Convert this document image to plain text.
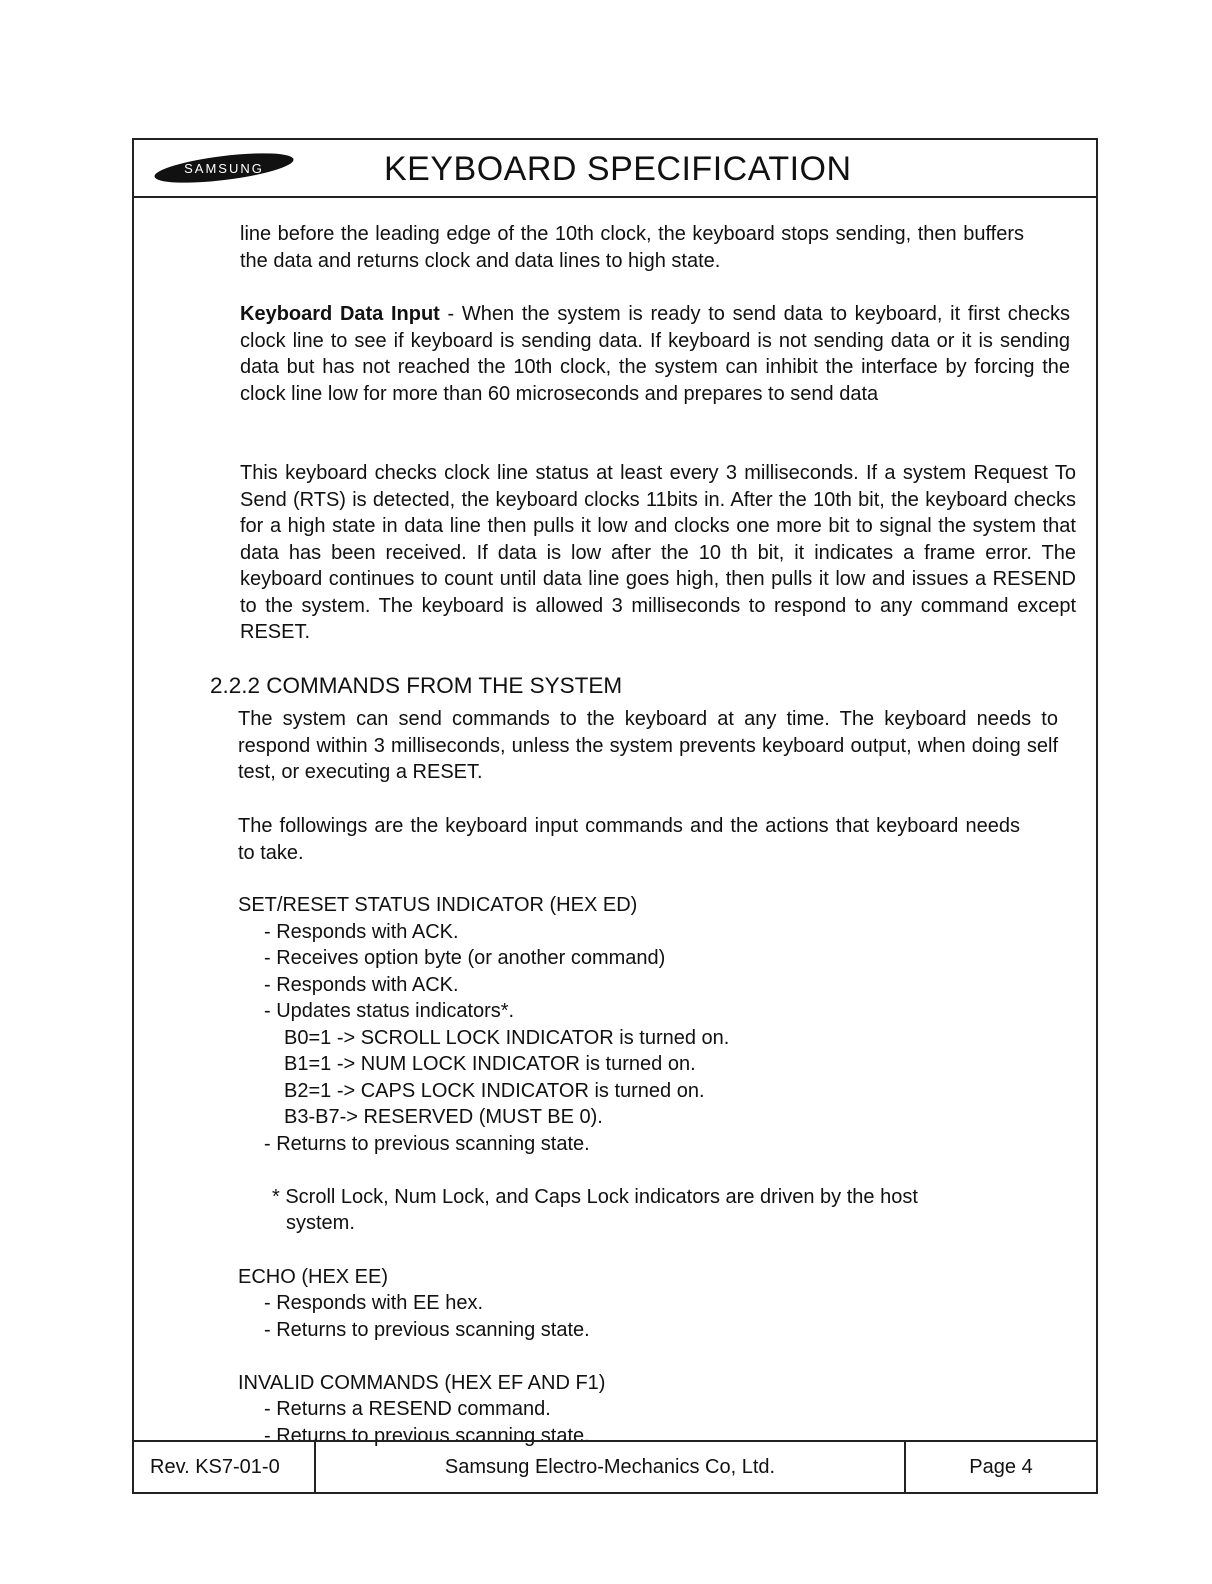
SAMSUNG	KEYBOARD SPECIFICATION

line before the leading edge of the 10th clock, the keyboard stops sending, then buffers the data and returns clock and data lines to high state.

Keyboard Data Input - When the system is ready to send data to keyboard, it first checks clock line to see if keyboard is sending data. If keyboard is not sending data or it is sending data but has not reached the 10th clock, the system can inhibit the interface by forcing the clock line low for more than 60 microseconds and prepares to send data

This keyboard checks clock line status at least every 3 milliseconds. If a system Request To Send (RTS) is detected, the keyboard clocks 11bits in. After the 10th bit, the keyboard checks for a high state in data line then pulls it low and clocks one more bit to signal the system that data has been received. If data is low after the 10 th bit, it indicates a frame error. The keyboard continues to count until data line goes high, then pulls it low and issues a RESEND to the system. The keyboard is allowed 3 milliseconds to respond to any command except RESET.

2.2.2 COMMANDS FROM THE SYSTEM

The system can send commands to the keyboard at any time. The keyboard needs to respond within 3 milliseconds, unless the system prevents keyboard output, when doing self test, or executing a RESET.

The followings are the keyboard input commands and the actions that keyboard needs to take.

SET/RESET STATUS INDICATOR (HEX ED)
- Responds with ACK.
- Receives option byte (or another command)
- Responds with ACK.
- Updates status indicators*.
B0=1 -> SCROLL LOCK INDICATOR is turned on.
B1=1 -> NUM LOCK INDICATOR is turned on.
B2=1 -> CAPS LOCK INDICATOR is turned on.
B3-B7-> RESERVED (MUST BE 0).
- Returns to previous scanning state.
* Scroll Lock, Num Lock, and Caps Lock indicators are driven by the host
system.
ECHO (HEX EE)
- Responds with EE hex.
- Returns to previous scanning state.
INVALID COMMANDS (HEX EF AND F1)
- Returns a RESEND command.
- Returns to previous scanning state.
Rev. KS7-01-0	Samsung Electro-Mechanics Co, Ltd.	Page 4
